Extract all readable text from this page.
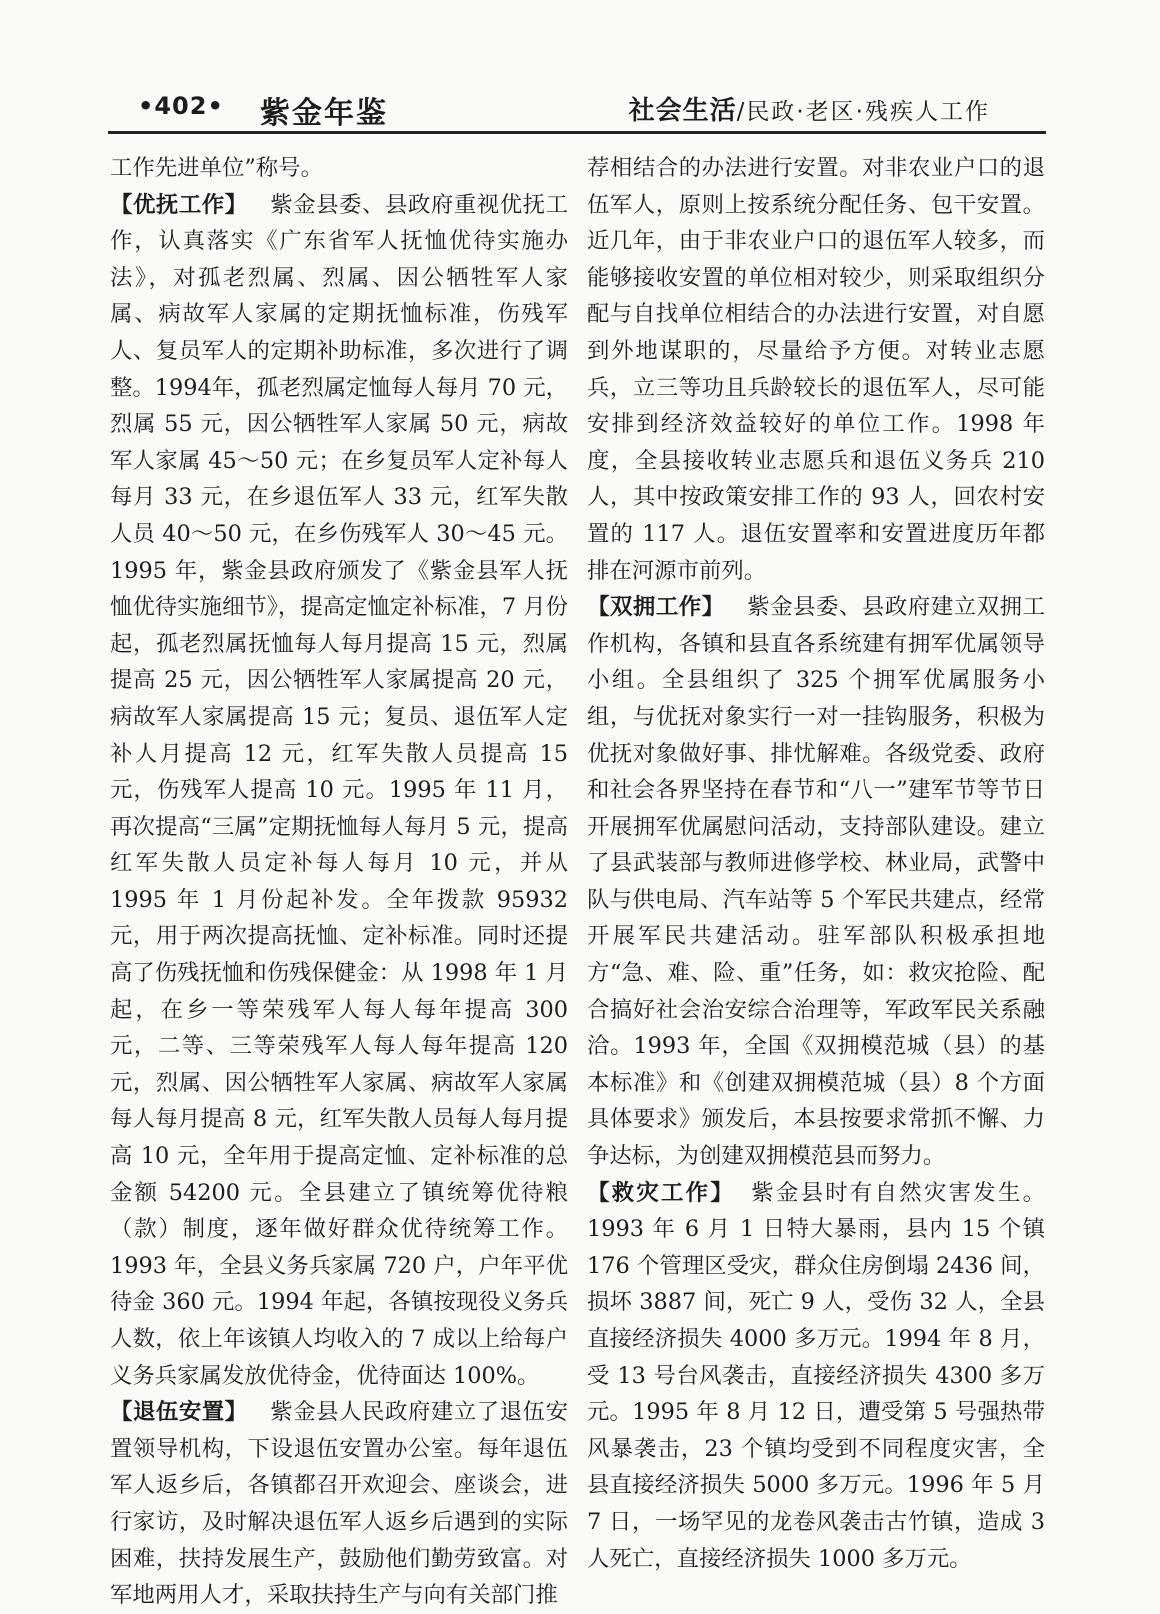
•402• 紫金年鉴	社会生活/民政·老区·残疾人工作

工作先进单位”称号。

【优抚工作】 紫金县委、县政府重视优抚工作，认真落实《广东省军人抚恤优待实施办法》，对孤老烈属、烈属、因公牺牲军人家属、病故军人家属的定期抚恤标准，伤残军人、复员军人的定期补助标准，多次进行了调整。1994年，孤老烈属定恤每人每月 70 元，烈属 55 元，因公牺牲军人家属 50 元，病故军人家属 45～50 元；在乡复员军人定补每人每月 33 元，在乡退伍军人 33 元，红军失散人员 40～50 元，在乡伤残军人 30～45 元。1995 年，紫金县政府颁发了《紫金县军人抚恤优待实施细节》，提高定恤定补标准，7 月份起，孤老烈属抚恤每人每月提高 15 元，烈属提高 25 元，因公牺牲军人家属提高 20 元，病故军人家属提高 15 元；复员、退伍军人定补人月提高 12 元，红军失散人员提高 15 元，伤残军人提高 10 元。1995 年 11 月，再次提高“三属”定期抚恤每人每月 5 元，提高红军失散人员定补每人每月 10 元，并从 1995 年 1 月份起补发。全年拨款 95932 元，用于两次提高抚恤、定补标准。同时还提高了伤残抚恤和伤残保健金：从 1998 年 1 月起，在乡一等荣残军人每人每年提高 300 元，二等、三等荣残军人每人每年提高 120 元，烈属、因公牺牲军人家属、病故军人家属每人每月提高 8 元，红军失散人员每人每月提高 10 元，全年用于提高定恤、定补标准的总金额 54200 元。全县建立了镇统筹优待粮（款）制度，逐年做好群众优待统筹工作。1993 年，全县义务兵家属 720 户，户年平优待金 360 元。1994 年起，各镇按现役义务兵人数，依上年该镇人均收入的 7 成以上给每户义务兵家属发放优待金，优待面达 100%。

【退伍安置】 紫金县人民政府建立了退伍安置领导机构，下设退伍安置办公室。每年退伍军人返乡后，各镇都召开欢迎会、座谈会，进行家访，及时解决退伍军人返乡后遇到的实际困难，扶持发展生产，鼓励他们勤劳致富。对军地两用人才，采取扶持生产与向有关部门推

荐相结合的办法进行安置。对非农业户口的退伍军人，原则上按系统分配任务、包干安置。近几年，由于非农业户口的退伍军人较多，而能够接收安置的单位相对较少，则采取组织分配与自找单位相结合的办法进行安置，对自愿到外地谋职的，尽量给予方便。对转业志愿兵，立三等功且兵龄较长的退伍军人，尽可能安排到经济效益较好的单位工作。1998 年度，全县接收转业志愿兵和退伍义务兵 210 人，其中按政策安排工作的 93 人，回农村安置的 117 人。退伍安置率和安置进度历年都排在河源市前列。

【双拥工作】 紫金县委、县政府建立双拥工作机构，各镇和县直各系统建有拥军优属领导小组。全县组织了 325 个拥军优属服务小组，与优抚对象实行一对一挂钩服务，积极为优抚对象做好事、排忧解难。各级党委、政府和社会各界坚持在春节和“八一”建军节等节日开展拥军优属慰问活动，支持部队建设。建立了县武装部与教师进修学校、林业局，武警中队与供电局、汽车站等 5 个军民共建点，经常开展军民共建活动。驻军部队积极承担地方“急、难、险、重”任务，如：救灾抢险、配合搞好社会治安综合治理等，军政军民关系融洽。1993 年，全国《双拥模范城（县）的基本标准》和《创建双拥模范城（县）8 个方面具体要求》颁发后，本县按要求常抓不懈、力争达标，为创建双拥模范县而努力。

【救灾工作】 紫金县时有自然灾害发生。1993 年 6 月 1 日特大暴雨，县内 15 个镇 176 个管理区受灾，群众住房倒塌 2436 间，损坏 3887 间，死亡 9 人，受伤 32 人，全县直接经济损失 4000 多万元。1994 年 8 月，受 13 号台风袭击，直接经济损失 4300 多万元。1995 年 8 月 12 日，遭受第 5 号强热带风暴袭击，23 个镇均受到不同程度灾害，全县直接经济损失 5000 多万元。1996 年 5 月 7 日，一场罕见的龙卷风袭击古竹镇，造成 3 人死亡，直接经济损失 1000 多万元。
